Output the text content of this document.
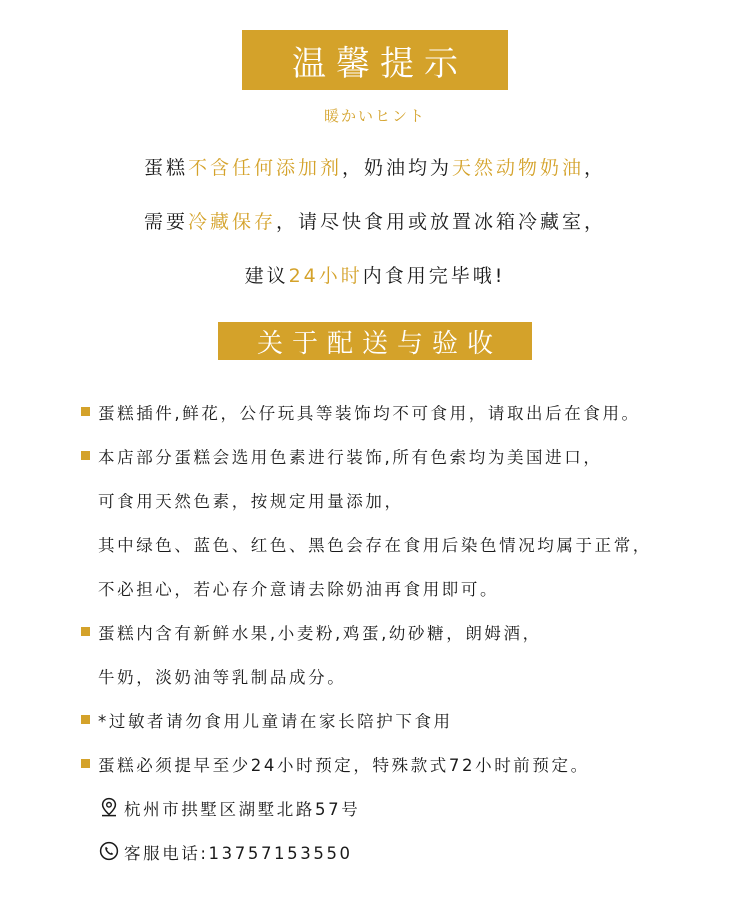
温馨提示
暖かいヒント
蛋糕不含任何添加剂，奶油均为天然动物奶油，
需要冷藏保存，请尽快食用或放置冰箱冷藏室，
建议24小时内食用完毕哦!
关于配送与验收
蛋糕插件,鲜花，公仔玩具等装饰均不可食用，请取出后在食用。
本店部分蛋糕会选用色素进行装饰,所有色索均为美国进口，
可食用天然色素，按规定用量添加，
其中绿色、蓝色、红色、黑色会存在食用后染色情况均属于正常，
不必担心，若心存介意请去除奶油再食用即可。
蛋糕内含有新鲜水果,小麦粉,鸡蛋,幼砂糖，朗姆酒，
牛奶，淡奶油等乳制品成分。
*过敏者请勿食用儿童请在家长陪护下食用
蛋糕必须提早至少24小时预定，特殊款式72小时前预定。
杭州市拱墅区湖墅北路57号
客服电话:13757153550
